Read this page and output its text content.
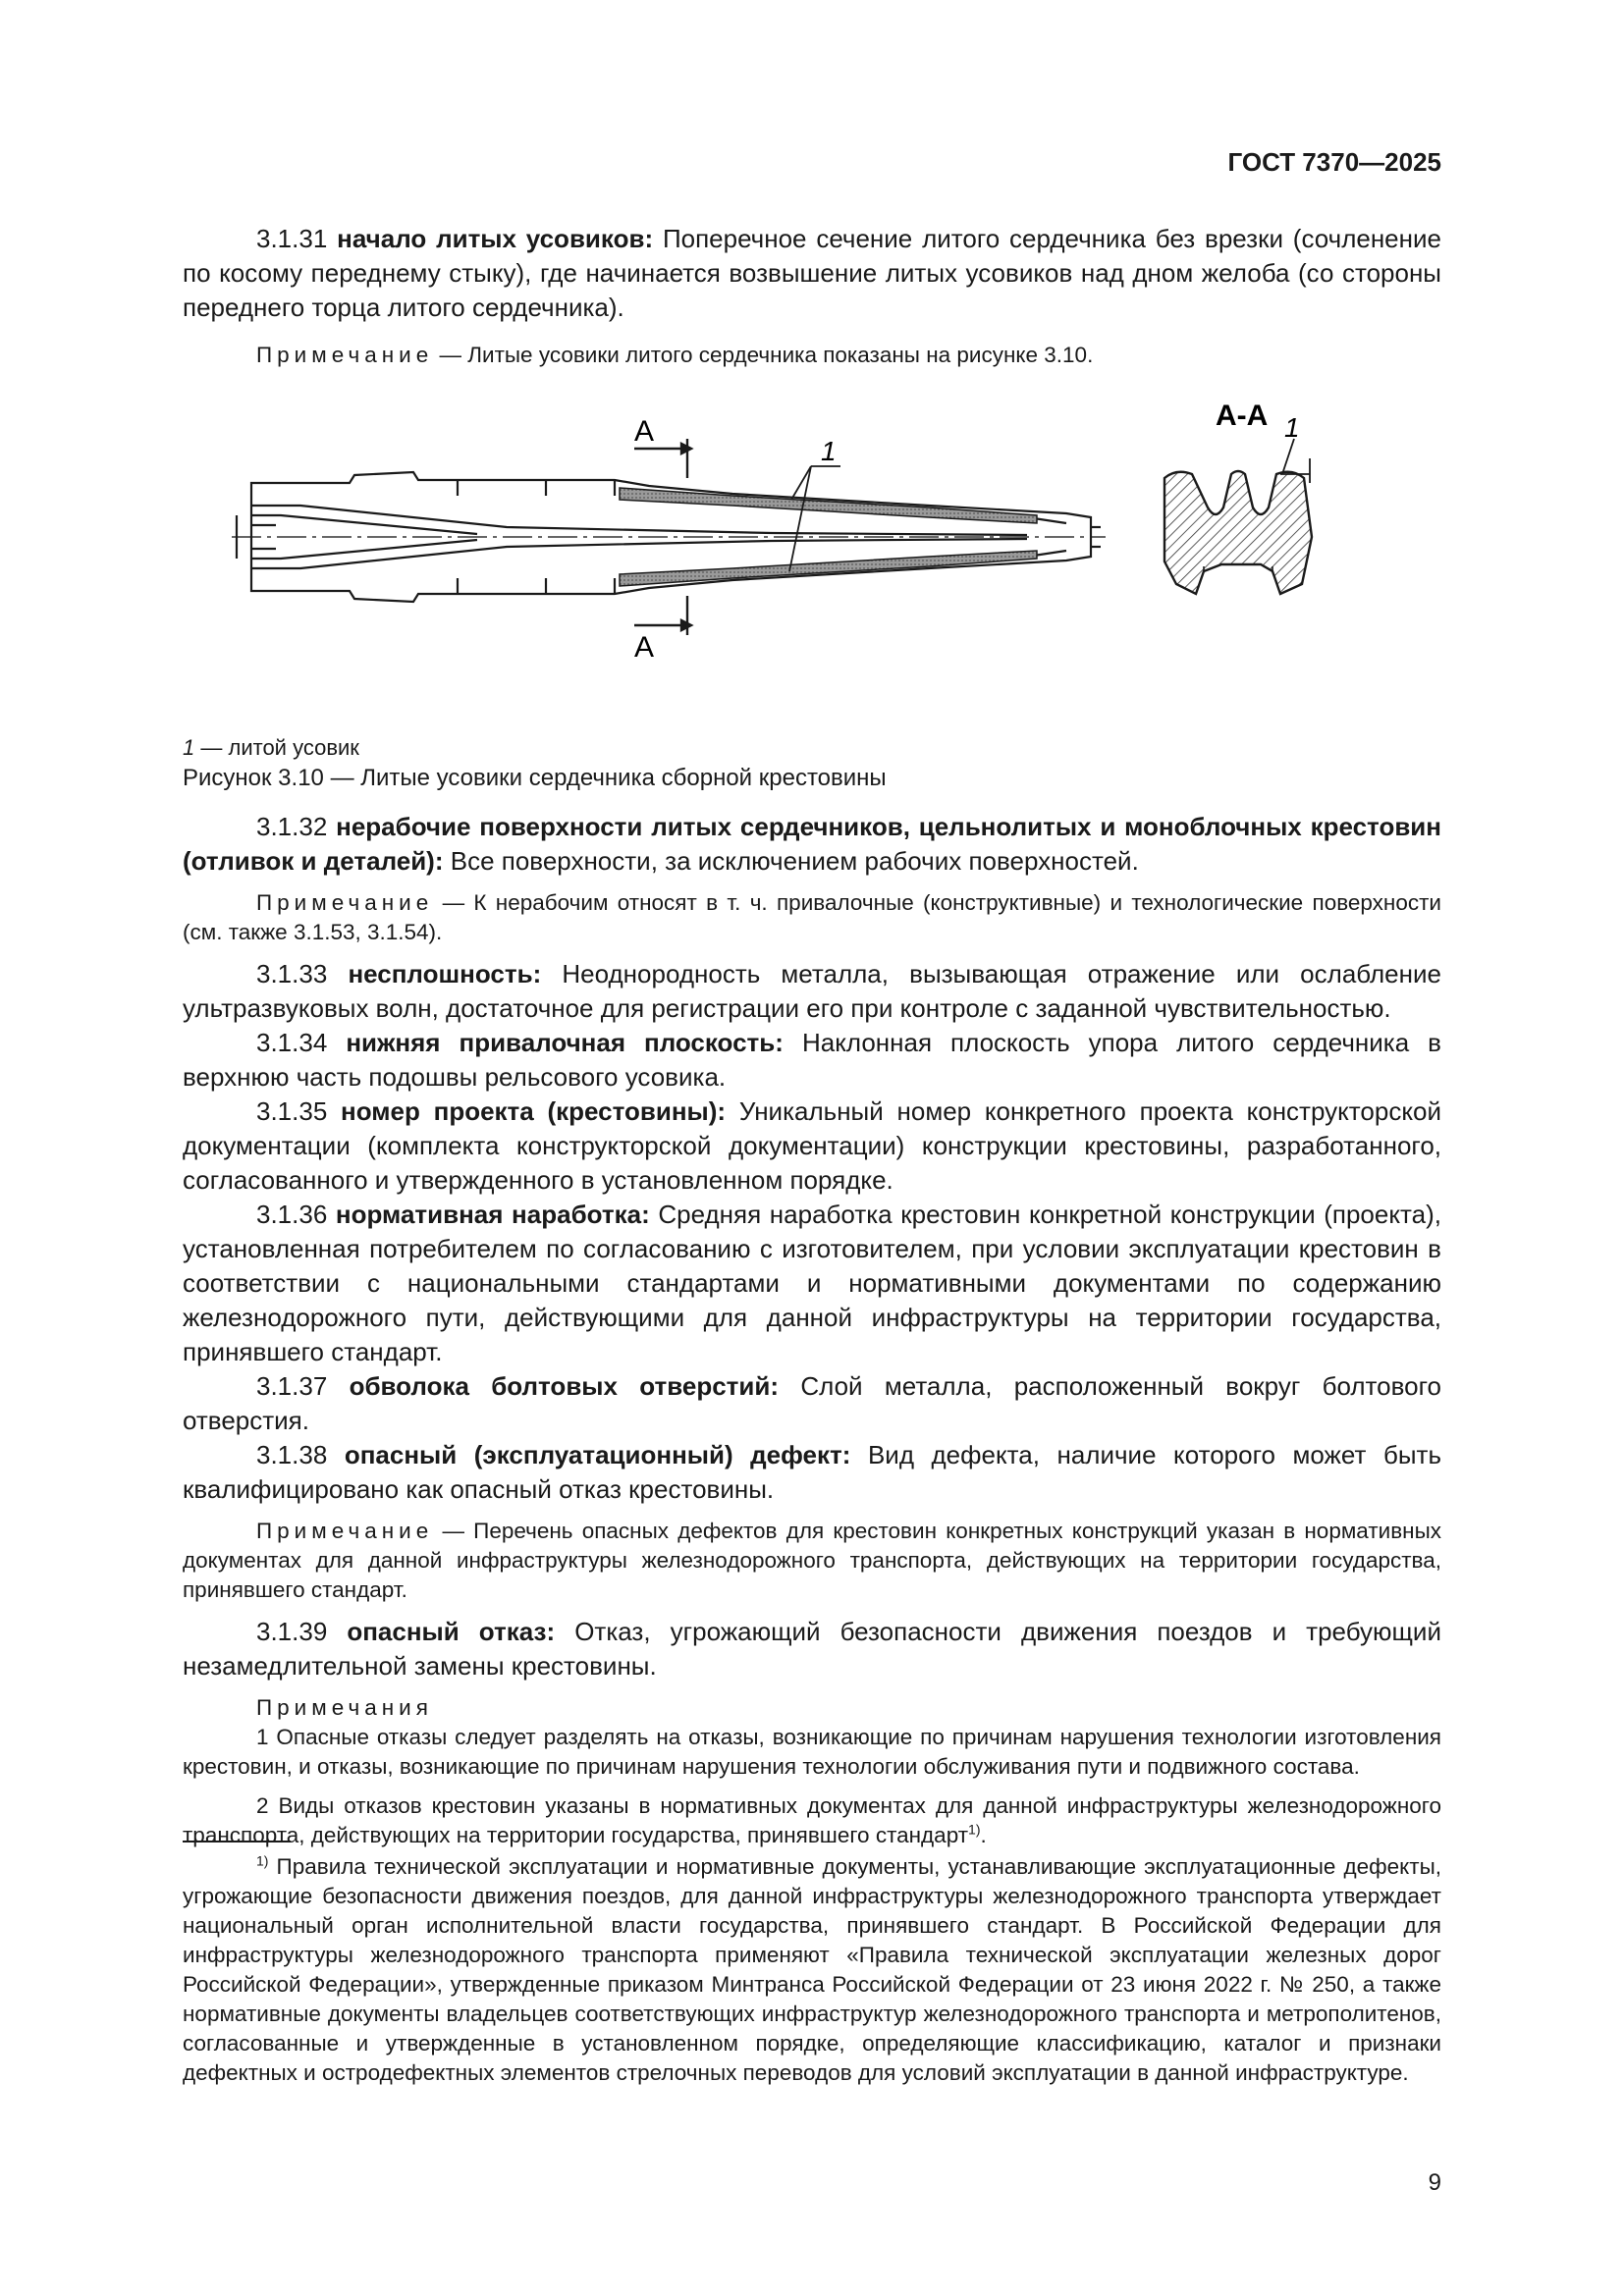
ГОСТ 7370—2025

3.1.31 начало литых усовиков: Поперечное сечение литого сердечника без врезки (сочленение по косому переднему стыку), где начинается возвышение литых усовиков над дном желоба (со стороны переднего торца литого сердечника).

Примечание — Литые усовики литого сердечника показаны на рисунке 3.10.

А
А
1
А-А 1

1 — литой усовик

Рисунок 3.10 — Литые усовики сердечника сборной крестовины

3.1.32 нерабочие поверхности литых сердечников, цельнолитых и моноблочных крестовин (отливок и деталей): Все поверхности, за исключением рабочих поверхностей.

Примечание — К нерабочим относят в т. ч. привалочные (конструктивные) и технологические поверхности (см. также 3.1.53, 3.1.54).

3.1.33 несплошность: Неоднородность металла, вызывающая отражение или ослабление ультразвуковых волн, достаточное для регистрации его при контроле с заданной чувствительностью.

3.1.34 нижняя привалочная плоскость: Наклонная плоскость упора литого сердечника в верхнюю часть подошвы рельсового усовика.

3.1.35 номер проекта (крестовины): Уникальный номер конкретного проекта конструкторской документации (комплекта конструкторской документации) конструкции крестовины, разработанного, согласованного и утвержденного в установленном порядке.

3.1.36 нормативная наработка: Средняя наработка крестовин конкретной конструкции (проекта), установленная потребителем по согласованию с изготовителем, при условии эксплуатации крестовин в соответствии с национальными стандартами и нормативными документами по содержанию железнодорожного пути, действующими для данной инфраструктуры на территории государства, принявшего стандарт.

3.1.37 обволока болтовых отверстий: Слой металла, расположенный вокруг болтового отверстия.

3.1.38 опасный (эксплуатационный) дефект: Вид дефекта, наличие которого может быть квалифицировано как опасный отказ крестовины.

Примечание — Перечень опасных дефектов для крестовин конкретных конструкций указан в нормативных документах для данной инфраструктуры железнодорожного транспорта, действующих на территории государства, принявшего стандарт.

3.1.39 опасный отказ: Отказ, угрожающий безопасности движения поездов и требующий незамедлительной замены крестовины.

Примечания

1 Опасные отказы следует разделять на отказы, возникающие по причинам нарушения технологии изготовления крестовин, и отказы, возникающие по причинам нарушения технологии обслуживания пути и подвижного состава.

2 Виды отказов крестовин указаны в нормативных документах для данной инфраструктуры железнодорожного транспорта, действующих на территории государства, принявшего стандарт$^{1)}$.

$^{1)}$ Правила технической эксплуатации и нормативные документы, устанавливающие эксплуатационные дефекты, угрожающие безопасности движения поездов, для данной инфраструктуры железнодорожного транспорта утверждает национальный орган исполнительной власти государства, принявшего стандарт. В Российской Федерации для инфраструктуры железнодорожного транспорта применяют «Правила технической эксплуатации железных дорог Российской Федерации», утвержденные приказом Минтранса Российской Федерации от 23 июня 2022 г. № 250, а также нормативные документы владельцев соответствующих инфраструктур железнодорожного транспорта и метрополитенов, согласованные и утвержденные в установленном порядке, определяющие классификацию, каталог и признаки дефектных и остродефектных элементов стрелочных переводов для условий эксплуатации в данной инфраструктуре.

9
